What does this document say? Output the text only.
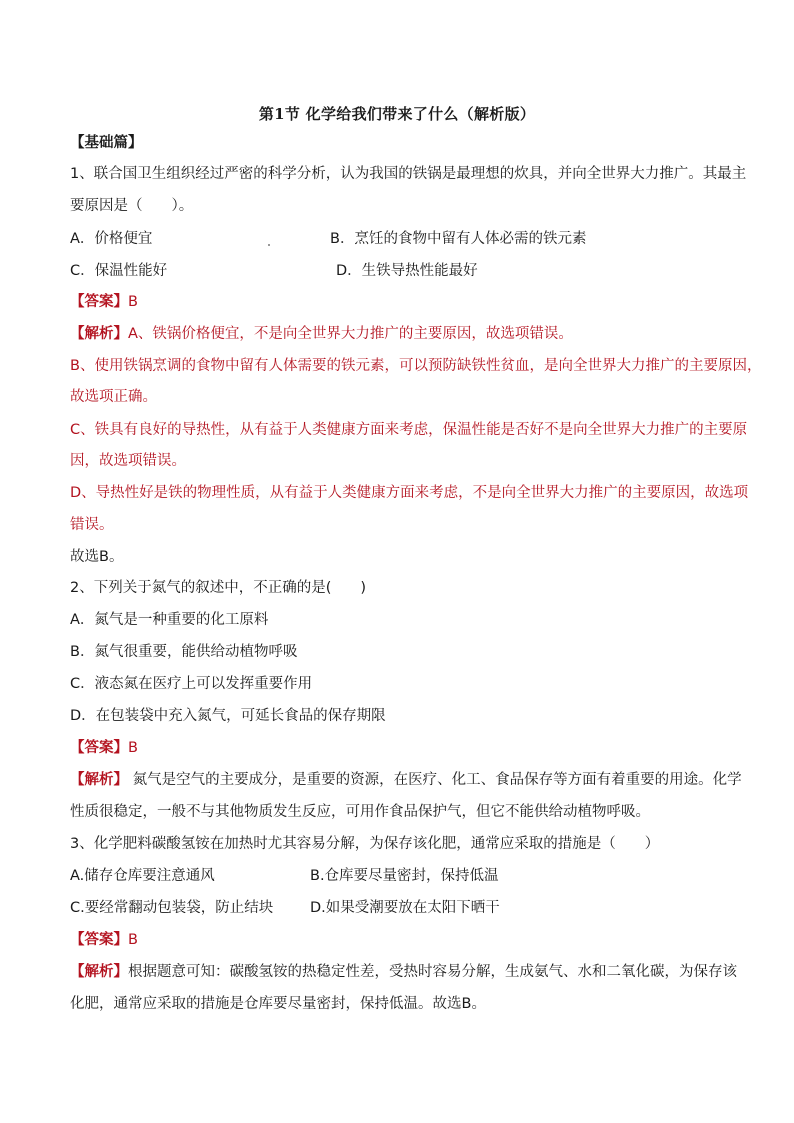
第1节 化学给我们带来了什么（解析版）
【基础篇】
1、联合国卫生组织经过严密的科学分析，认为我国的铁锅是最理想的炊具，并向全世界大力推广。其最主
要原因是（　　）。
A．价格便宜	B．烹饪的食物中留有人体必需的铁元素
C．保温性能好	D．生铁导热性能最好
【答案】B
【解析】A、铁锅价格便宜，不是向全世界大力推广的主要原因，故选项错误。
B、使用铁锅烹调的食物中留有人体需要的铁元素，可以预防缺铁性贫血，是向全世界大力推广的主要原因，
故选项正确。
C、铁具有良好的导热性，从有益于人类健康方面来考虑，保温性能是否好不是向全世界大力推广的主要原
因，故选项错误。
D、导热性好是铁的物理性质，从有益于人类健康方面来考虑，不是向全世界大力推广的主要原因，故选项
错误。
故选B。
2、下列关于氮气的叙述中，不正确的是(　　)
A．氮气是一种重要的化工原料
B．氮气很重要，能供给动植物呼吸
C．液态氮在医疗上可以发挥重要作用
D．在包装袋中充入氮气，可延长食品的保存期限
【答案】B
【解析】 氮气是空气的主要成分，是重要的资源，在医疗、化工、食品保存等方面有着重要的用途。化学
性质很稳定，一般不与其他物质发生反应，可用作食品保护气，但它不能供给动植物呼吸。
3、化学肥料碳酸氢铵在加热时尤其容易分解，为保存该化肥，通常应采取的措施是（　　）
A.储存仓库要注意通风	B.仓库要尽量密封，保持低温
C.要经常翻动包装袋，防止结块	D.如果受潮要放在太阳下晒干
【答案】B
【解析】根据题意可知：碳酸氢铵的热稳定性差，受热时容易分解，生成氨气、水和二氧化碳，为保存该
化肥，通常应采取的措施是仓库要尽量密封，保持低温。故选B。
